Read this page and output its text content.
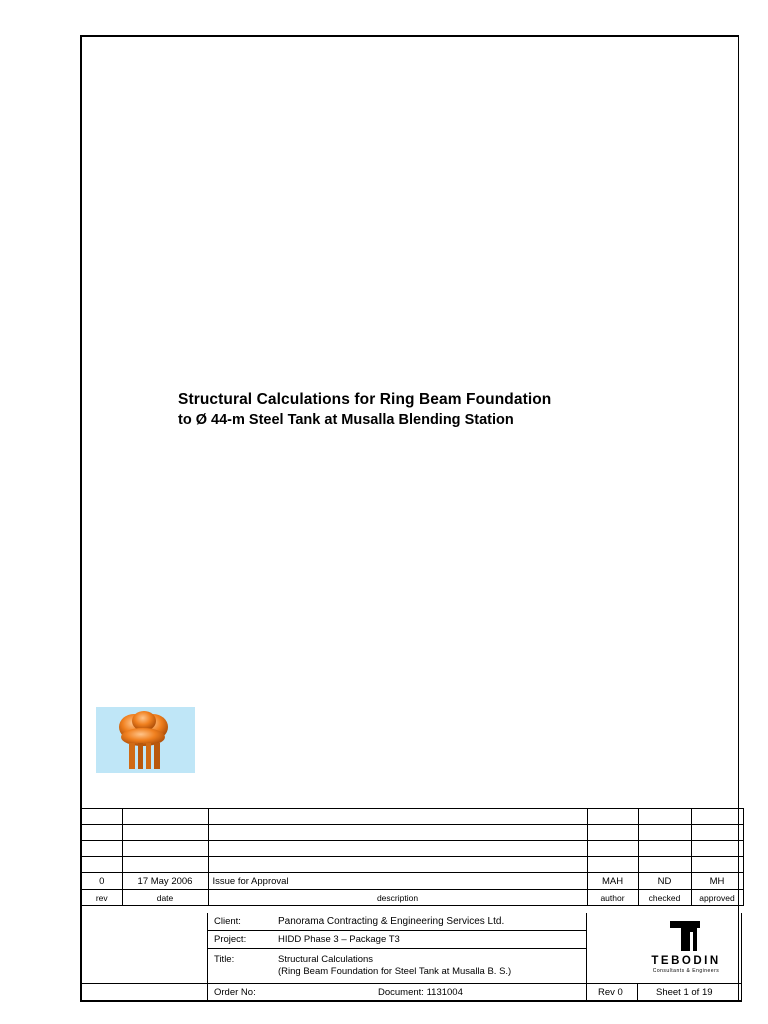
Structural Calculations for Ring Beam Foundation
to Ø 44-m Steel Tank at Musalla Blending Station

0	17 May 2006	Issue for Approval	MAH	ND	MH
rev	date	description	author	checked	approved
Client:	Panorama Contracting & Engineering Services Ltd.
Project:	HIDD Phase 3 – Package T3
Title:	Structural Calculations
(Ring Beam Foundation for Steel Tank at Musalla B. S.)
Order No:	Document: 1131004	Rev 0	Sheet 1 of 19
TEBODIN
Consultants & Engineers
